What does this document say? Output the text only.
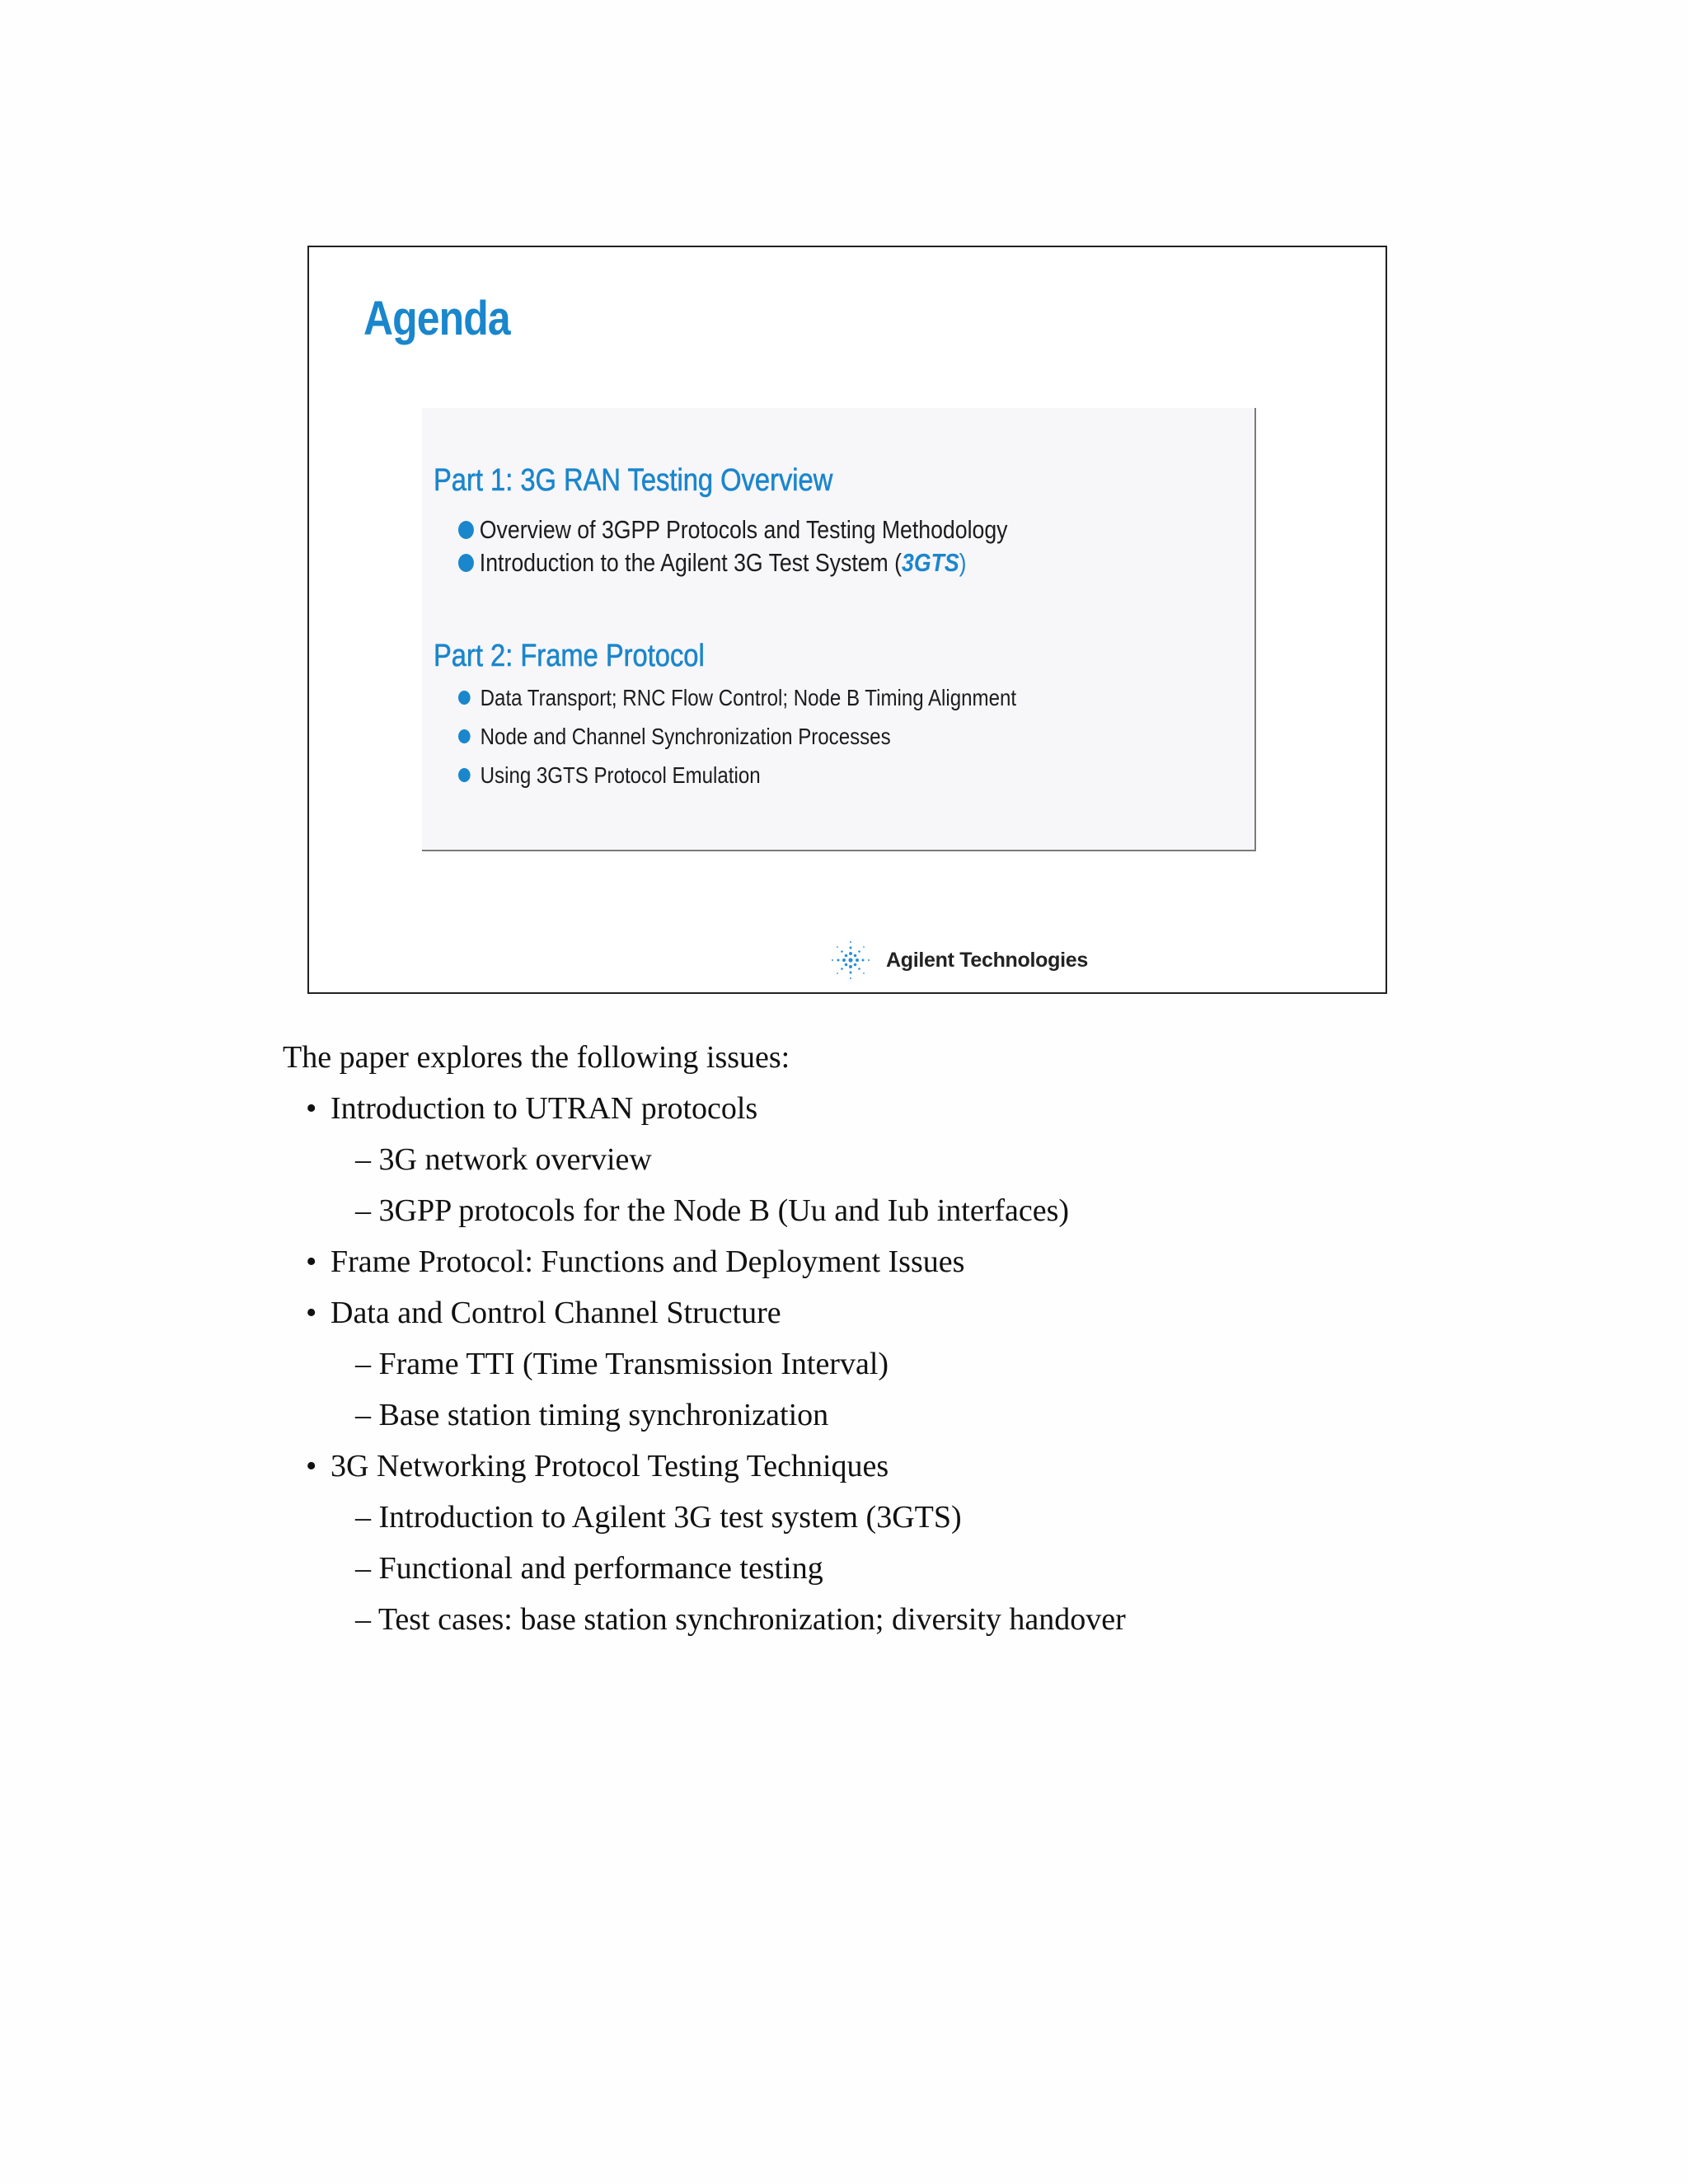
Agenda
Part 1: 3G RAN Testing Overview
Overview of 3GPP Protocols and Testing Methodology
Introduction to the Agilent 3G Test System ( 3GTS )
Part 2: Frame Protocol
Data Transport; RNC Flow Control; Node B Timing Alignment
Node and Channel Synchronization Processes
Using 3GTS Protocol Emulation
Agilent Technologies

The paper explores the following issues:

• Introduction to UTRAN protocols
– 3G network overview
– 3GPP protocols for the Node B (Uu and Iub interfaces)
• Frame Protocol: Functions and Deployment Issues
• Data and Control Channel Structure
– Frame TTI (Time Transmission Interval)
– Base station timing synchronization
• 3G Networking Protocol Testing Techniques
– Introduction to Agilent 3G test system (3GTS)
– Functional and performance testing
– Test cases: base station synchronization; diversity handover
